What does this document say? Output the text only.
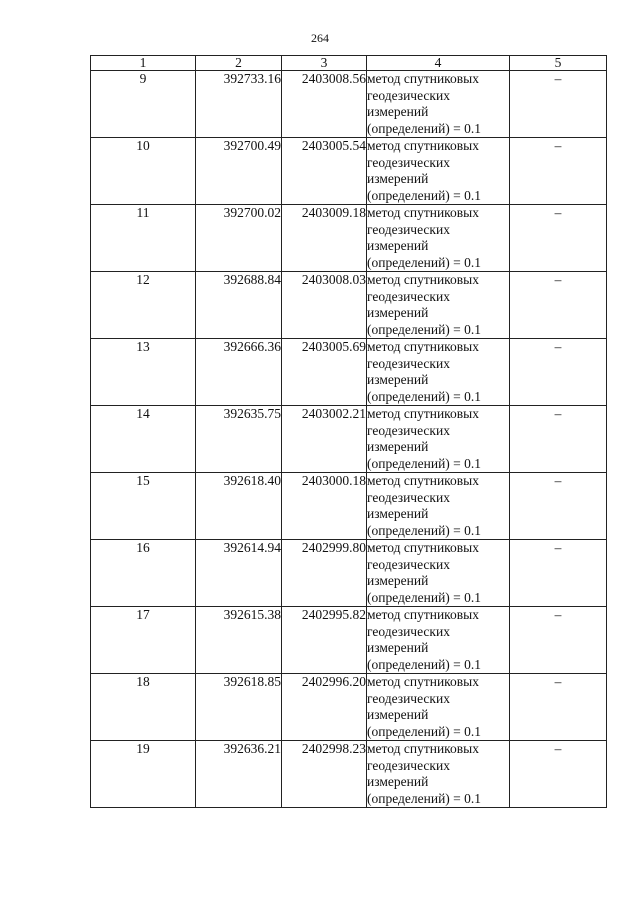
264
1	2	3	4	5
9	392733.16	2403008.56	метод спутниковых геодезических измерений (определений) = 0.1	–
10	392700.49	2403005.54	метод спутниковых геодезических измерений (определений) = 0.1	–
11	392700.02	2403009.18	метод спутниковых геодезических измерений (определений) = 0.1	–
12	392688.84	2403008.03	метод спутниковых геодезических измерений (определений) = 0.1	–
13	392666.36	2403005.69	метод спутниковых геодезических измерений (определений) = 0.1	–
14	392635.75	2403002.21	метод спутниковых геодезических измерений (определений) = 0.1	–
15	392618.40	2403000.18	метод спутниковых геодезических измерений (определений) = 0.1	–
16	392614.94	2402999.80	метод спутниковых геодезических измерений (определений) = 0.1	–
17	392615.38	2402995.82	метод спутниковых геодезических измерений (определений) = 0.1	–
18	392618.85	2402996.20	метод спутниковых геодезических измерений (определений) = 0.1	–
19	392636.21	2402998.23	метод спутниковых геодезических измерений (определений) = 0.1	–
